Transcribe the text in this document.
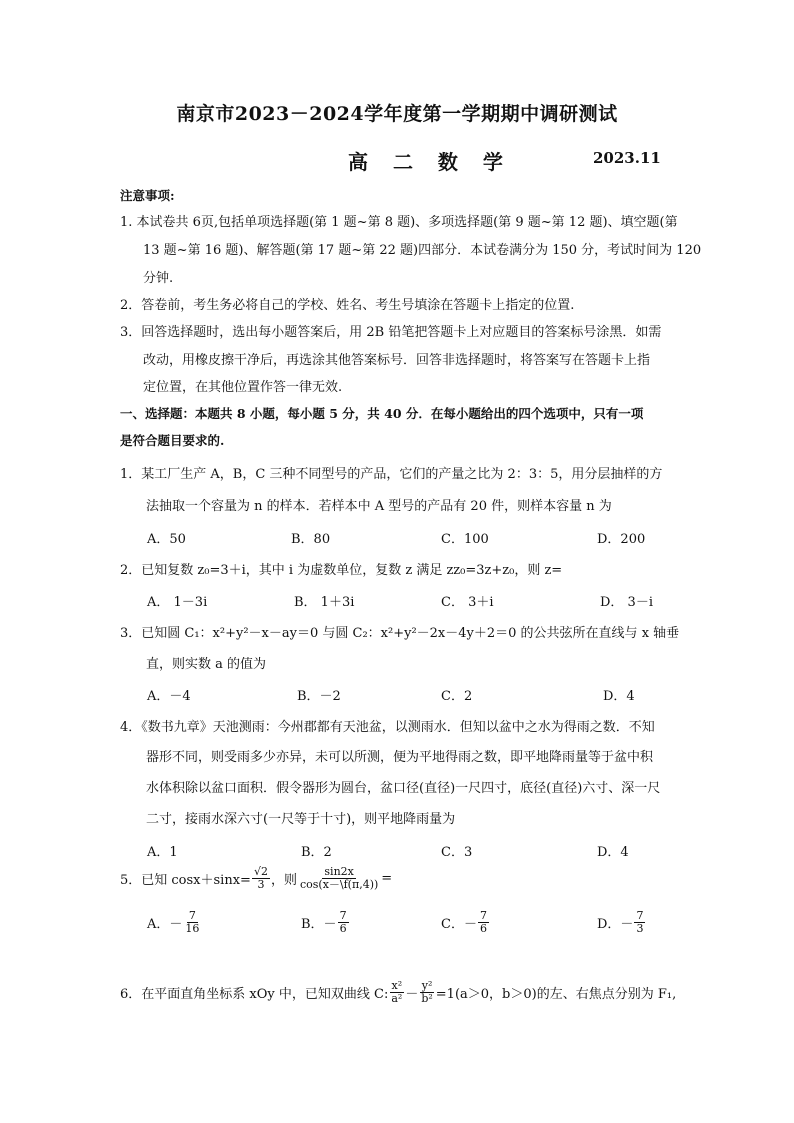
南京市2023－2024学年度第一学期期中调研测试
高 二 数 学	2023.11
注意事项:
1. 本试卷共 6页,包括单项选择题(第 1 题~第 8 题)、多项选择题(第 9 题~第 12 题)、填空题(第
13 题~第 16 题)、解答题(第 17 题~第 22 题)四部分．本试卷满分为 150 分，考试时间为 120
分钟.
2．答卷前，考生务必将自己的学校、姓名、考生号填涂在答题卡上指定的位置.
3．回答选择题时，选出每小题答案后，用 2B 铅笔把答题卡上对应题目的答案标号涂黑．如需
改动，用橡皮擦干净后，再选涂其他答案标号．回答非选择题时，将答案写在答题卡上指
定位置，在其他位置作答一律无效.
一、选择题：本题共 8 小题，每小题 5 分，共 40 分．在每小题给出的四个选项中，只有一项
是符合题目要求的.
1．某工厂生产 A，B，C 三种不同型号的产品，它们的产量之比为 2：3：5，用分层抽样的方
法抽取一个容量为 n 的样本．若样本中 A 型号的产品有 20 件，则样本容量 n 为
A．50	B．80	C．100	D．200
2．已知复数 z₀=3＋i，其中 i 为虚数单位，复数 z 满足 zz₀=3z+z₀，则 z=
A． 1－3i	B． 1＋3i	C． 3＋i	D． 3－i
3．已知圆 C₁：x²+y²－x－ay＝0 与圆 C₂：x²+y²－2x－4y＋2＝0 的公共弦所在直线与 x 轴垂
直，则实数 a 的值为
A．－4	B．－2	C．2	D．4
4．《数书九章》天池测雨：今州郡都有天池盆，以测雨水．但知以盆中之水为得雨之数．不知
器形不同，则受雨多少亦异，未可以所测，便为平地得雨之数，即平地降雨量等于盆中积
水体积除以盆口面积．假令器形为圆台，盆口径(直径)一尺四寸，底径(直径)六寸、深一尺
二寸，接雨水深六寸(一尺等于十寸)，则平地降雨量为
A．1	B．2	C．3	D．4
5．已知 $\cos x+\sin x= \frac{√2}{3}$ ，则 $\frac{\sin 2x}{\cos(x-\backslash f(\pi,4))}$ =
A．－ $\frac{7}{16}$	B．－ $\frac{7}{6}$	C．－ $\frac{7}{6}$	D．－ $\frac{7}{3}$
6．在平面直角坐标系 xOy 中，已知双曲线 C: $\frac{\text{x²}}{\text{a²}} - \frac{\text{y²}}{\text{b²}} =1(a>0$，b＞0)的左、右焦点分别为 F₁,
